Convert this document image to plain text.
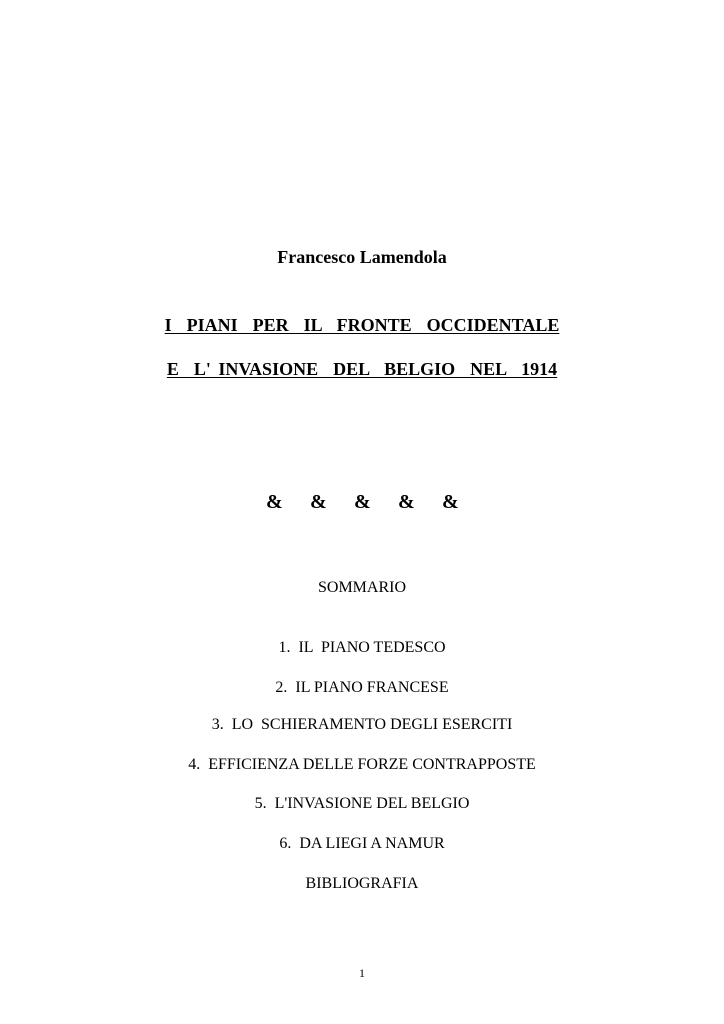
Francesco Lamendola
I  PIANI  PER  IL  FRONTE  OCCIDENTALE
E  L' INVASIONE  DEL  BELGIO  NEL  1914
& & & & &
SOMMARIO
1.  IL  PIANO TEDESCO
2.  IL PIANO FRANCESE
3.  LO  SCHIERAMENTO DEGLI ESERCITI
4.  EFFICIENZA DELLE FORZE CONTRAPPOSTE
5.  L'INVASIONE DEL BELGIO
6.  DA LIEGI A NAMUR
BIBLIOGRAFIA
1
